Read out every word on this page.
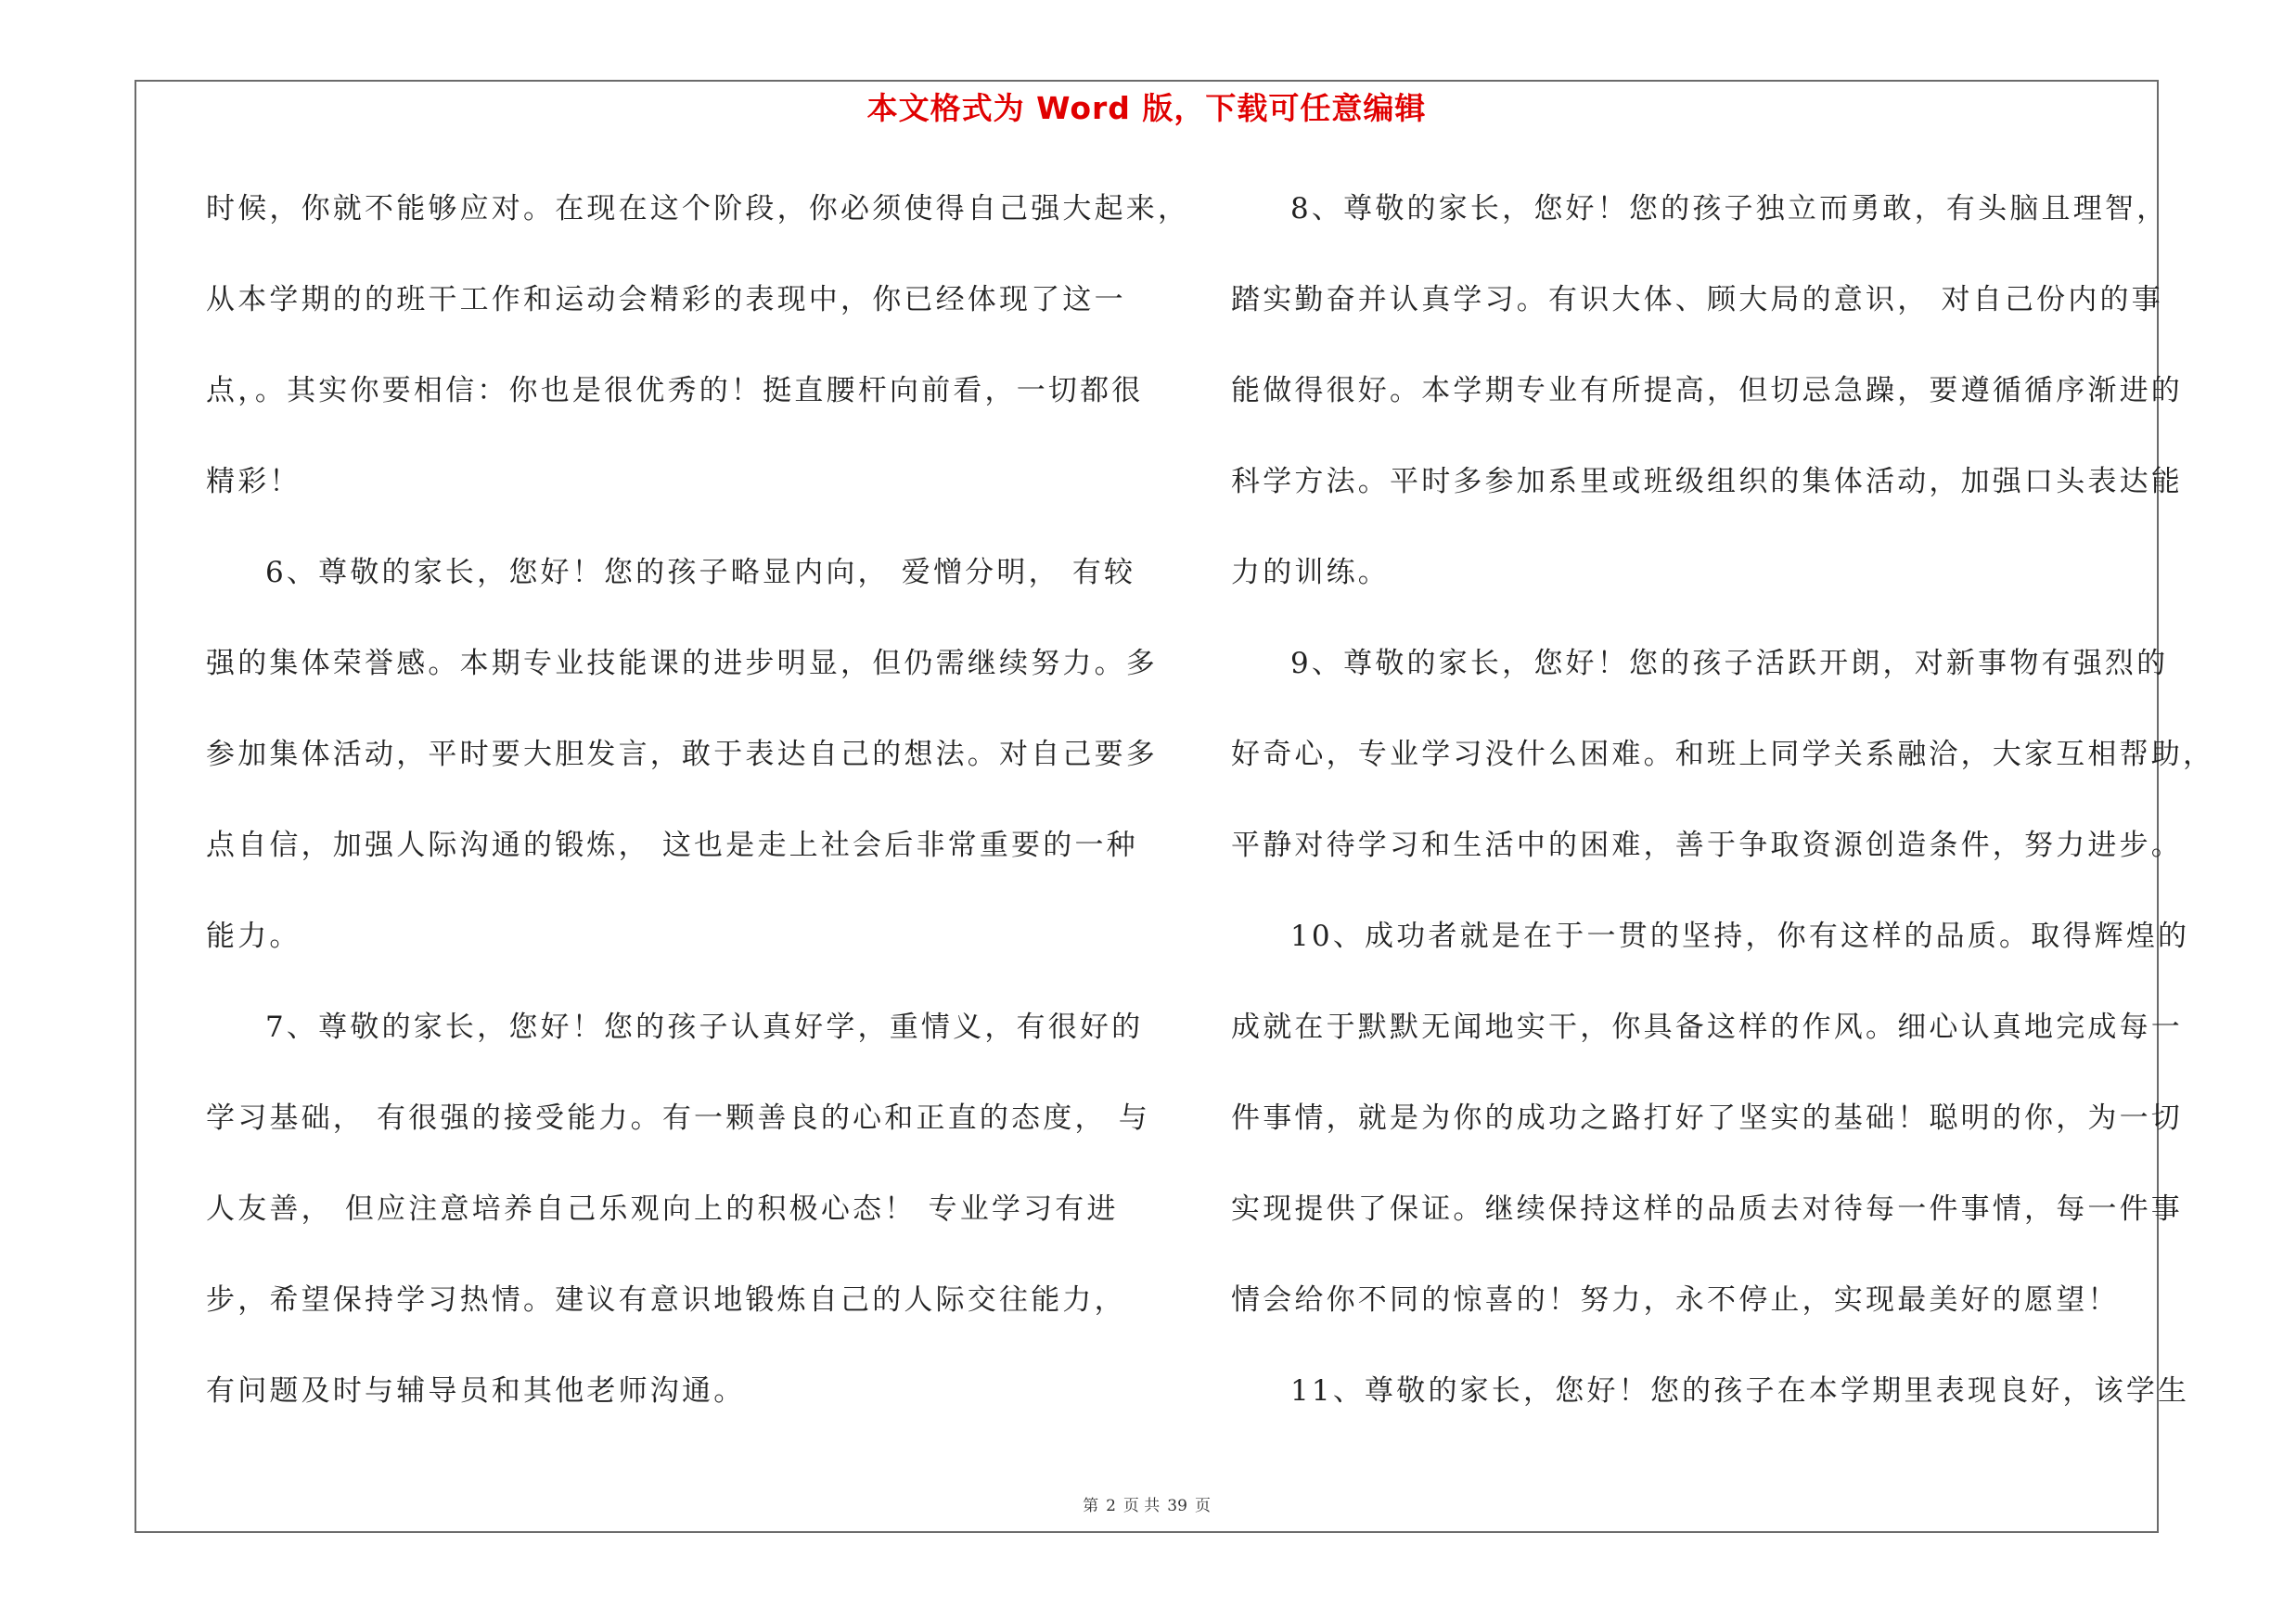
本文格式为 Word 版，下载可任意编辑
时候，你就不能够应对。在现在这个阶段，你必须使得自己强大起来，
从本学期的的班干工作和运动会精彩的表现中，你已经体现了这一
点，。其实你要相信：你也是很优秀的！挺直腰杆向前看，一切都很
精彩！
6、尊敬的家长，您好！您的孩子略显内向， 爱憎分明， 有较
强的集体荣誉感。本期专业技能课的进步明显，但仍需继续努力。多
参加集体活动，平时要大胆发言，敢于表达自己的想法。对自己要多
点自信，加强人际沟通的锻炼， 这也是走上社会后非常重要的一种
能力。
7、尊敬的家长，您好！您的孩子认真好学，重情义，有很好的
学习基础， 有很强的接受能力。有一颗善良的心和正直的态度， 与
人友善， 但应注意培养自己乐观向上的积极心态！ 专业学习有进
步，希望保持学习热情。建议有意识地锻炼自己的人际交往能力，
有问题及时与辅导员和其他老师沟通。
8、尊敬的家长，您好！您的孩子独立而勇敢，有头脑且理智，
踏实勤奋并认真学习。有识大体、顾大局的意识， 对自己份内的事
能做得很好。本学期专业有所提高，但切忌急躁，要遵循循序渐进的
科学方法。平时多参加系里或班级组织的集体活动，加强口头表达能
力的训练。
9、尊敬的家长，您好！您的孩子活跃开朗，对新事物有强烈的
好奇心，专业学习没什么困难。和班上同学关系融洽，大家互相帮助，
平静对待学习和生活中的困难，善于争取资源创造条件，努力进步。
10、成功者就是在于一贯的坚持，你有这样的品质。取得辉煌的
成就在于默默无闻地实干，你具备这样的作风。细心认真地完成每一
件事情，就是为你的成功之路打好了坚实的基础！聪明的你，为一切
实现提供了保证。继续保持这样的品质去对待每一件事情，每一件事
情会给你不同的惊喜的！努力，永不停止，实现最美好的愿望！
11、尊敬的家长，您好！您的孩子在本学期里表现良好，该学生
第 2 页 共 39 页
